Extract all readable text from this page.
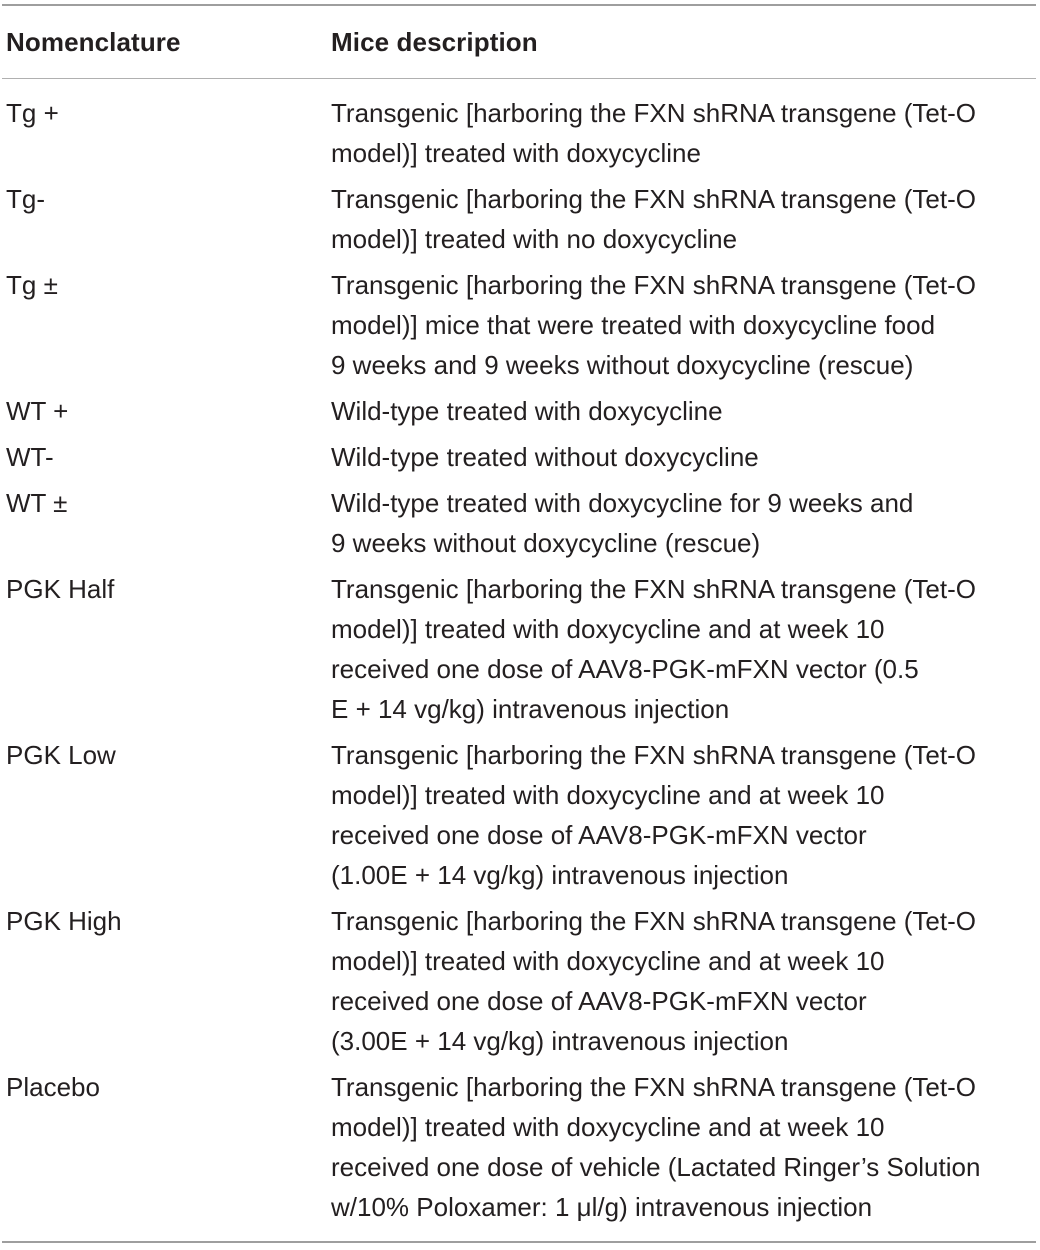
Nomenclature	Mice description
Tg +	Transgenic [harboring the FXN shRNA transgene (Tet-O
model)] treated with doxycycline
Tg-	Transgenic [harboring the FXN shRNA transgene (Tet-O
model)] treated with no doxycycline
Tg ±	Transgenic [harboring the FXN shRNA transgene (Tet-O
model)] mice that were treated with doxycycline food
9 weeks and 9 weeks without doxycycline (rescue)
WT +	Wild-type treated with doxycycline
WT-	Wild-type treated without doxycycline
WT ±	Wild-type treated with doxycycline for 9 weeks and
9 weeks without doxycycline (rescue)
PGK Half	Transgenic [harboring the FXN shRNA transgene (Tet-O
model)] treated with doxycycline and at week 10
received one dose of AAV8-PGK-mFXN vector (0.5
E + 14 vg/kg) intravenous injection
PGK Low	Transgenic [harboring the FXN shRNA transgene (Tet-O
model)] treated with doxycycline and at week 10
received one dose of AAV8-PGK-mFXN vector
(1.00E + 14 vg/kg) intravenous injection
PGK High	Transgenic [harboring the FXN shRNA transgene (Tet-O
model)] treated with doxycycline and at week 10
received one dose of AAV8-PGK-mFXN vector
(3.00E + 14 vg/kg) intravenous injection
Placebo	Transgenic [harboring the FXN shRNA transgene (Tet-O
model)] treated with doxycycline and at week 10
received one dose of vehicle (Lactated Ringer’s Solution
w/10% Poloxamer: 1 μl/g) intravenous injection
